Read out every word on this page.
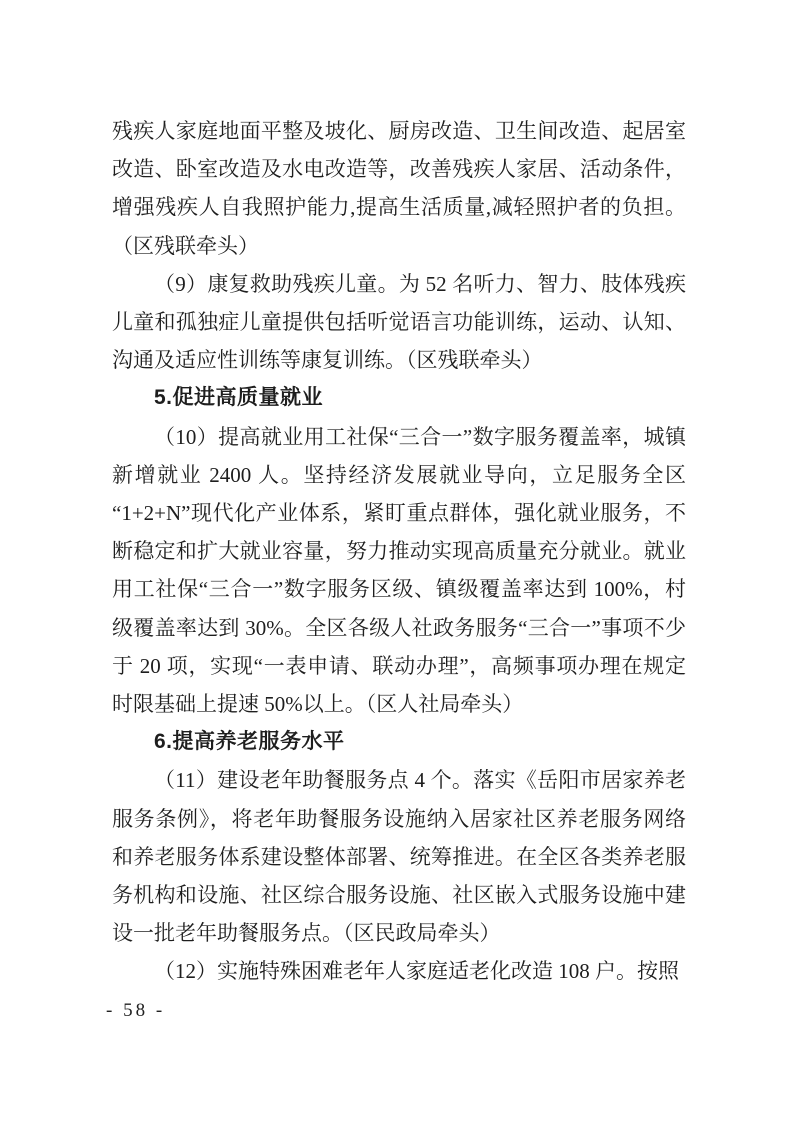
残疾人家庭地面平整及坡化、厨房改造、卫生间改造、起居室改造、卧室改造及水电改造等，改善残疾人家居、活动条件，增强残疾人自我照护能力,提高生活质量,减轻照护者的负担。（区残联牵头）

（9）康复救助残疾儿童。为 52 名听力、智力、肢体残疾儿童和孤独症儿童提供包括听觉语言功能训练，运动、认知、沟通及适应性训练等康复训练。（区残联牵头）

5.促进高质量就业

（10）提高就业用工社保“三合一”数字服务覆盖率，城镇新增就业 2400 人。坚持经济发展就业导向，立足服务全区“1+2+N”现代化产业体系，紧盯重点群体，强化就业服务，不断稳定和扩大就业容量，努力推动实现高质量充分就业。就业用工社保“三合一”数字服务区级、镇级覆盖率达到 100%，村级覆盖率达到 30%。全区各级人社政务服务“三合一”事项不少于 20 项，实现“一表申请、联动办理”，高频事项办理在规定时限基础上提速 50%以上。（区人社局牵头）

6.提高养老服务水平

（11）建设老年助餐服务点 4 个。落实《岳阳市居家养老服务条例》，将老年助餐服务设施纳入居家社区养老服务网络和养老服务体系建设整体部署、统筹推进。在全区各类养老服务机构和设施、社区综合服务设施、社区嵌入式服务设施中建设一批老年助餐服务点。（区民政局牵头）

（12）实施特殊困难老年人家庭适老化改造 108 户。按照

- 58 -
